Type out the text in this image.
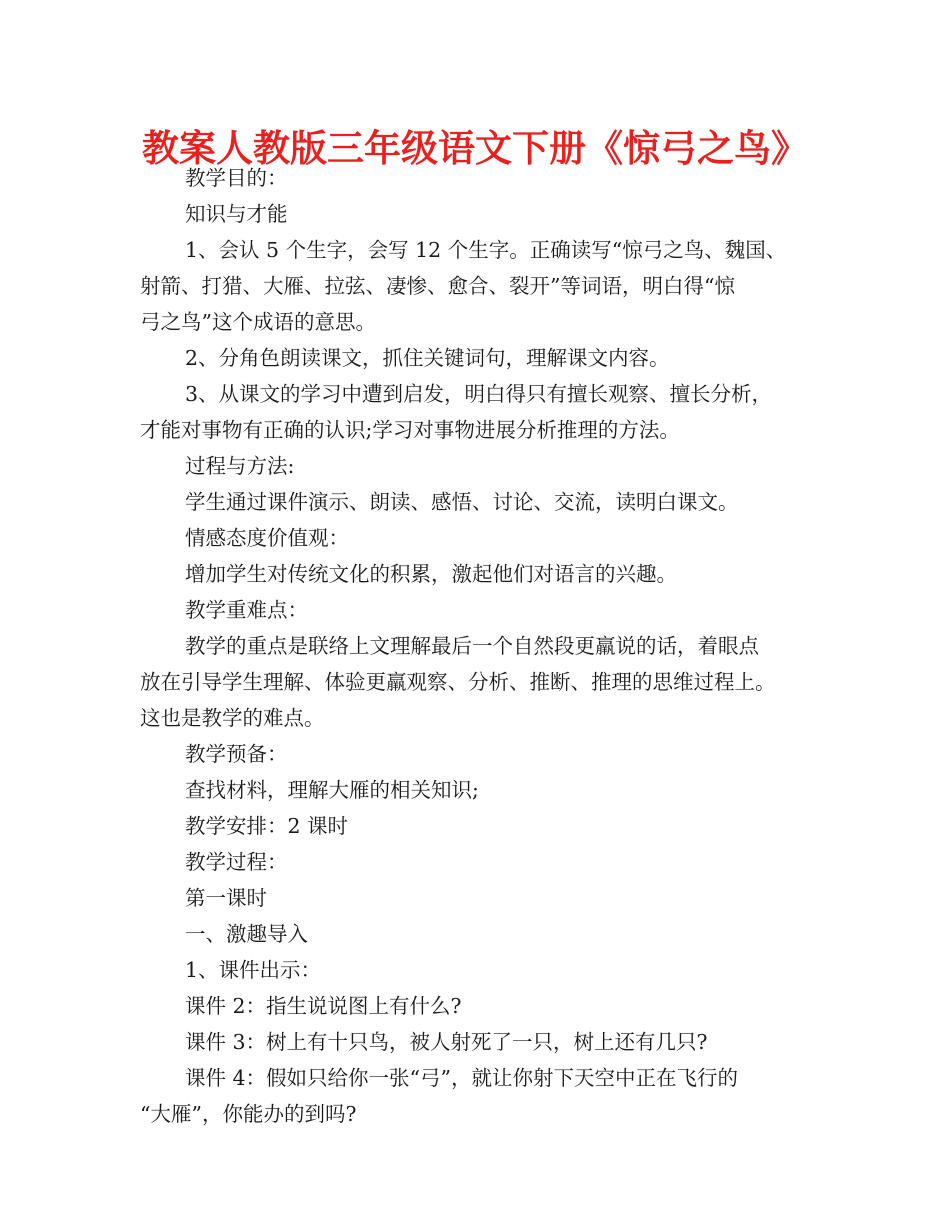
教案人教版三年级语文下册《惊弓之鸟》
教学目的：
知识与才能
1、会认 5 个生字，会写 12 个生字。正确读写“惊弓之鸟、魏国、
射箭、打猎、大雁、拉弦、凄惨、愈合、裂开”等词语，明白得“惊
弓之鸟”这个成语的意思。
2、分角色朗读课文，抓住关键词句，理解课文内容。
3、从课文的学习中遭到启发，明白得只有擅长观察、擅长分析，
才能对事物有正确的认识;学习对事物进展分析推理的方法。
过程与方法:
学生通过课件演示、朗读、感悟、讨论、交流，读明白课文。
情感态度价值观：
增加学生对传统文化的积累，激起他们对语言的兴趣。
教学重难点：
教学的重点是联络上文理解最后一个自然段更羸说的话，着眼点
放在引导学生理解、体验更羸观察、分析、推断、推理的思维过程上。
这也是教学的难点。
教学预备：
查找材料，理解大雁的相关知识;
教学安排：2 课时
教学过程：
第一课时
一、激趣导入
1、课件出示：
课件 2：指生说说图上有什么?
课件 3：树上有十只鸟，被人射死了一只，树上还有几只?
课件 4：假如只给你一张“弓”，就让你射下天空中正在飞行的
“大雁”，你能办的到吗?
